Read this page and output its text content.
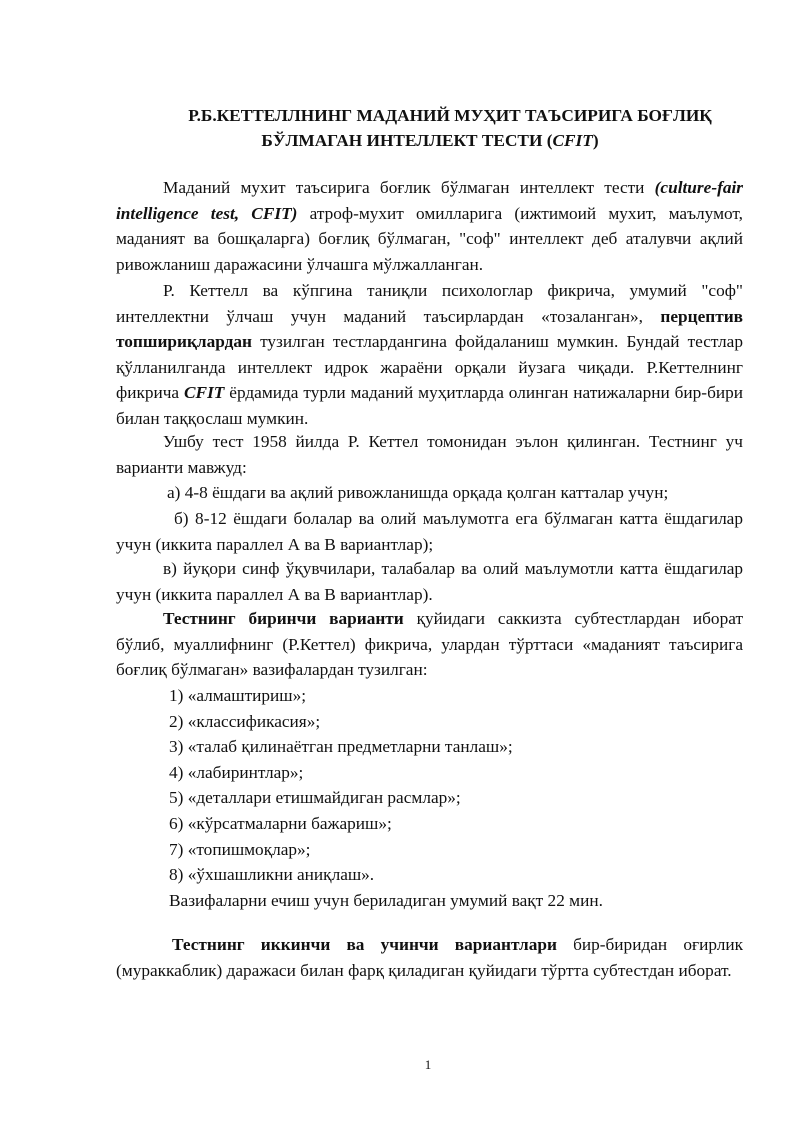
Р.Б.КЕТТЕЛЛНИНГ МАДАНИЙ МУҲИТ ТАЪСИРИГА БОҒЛИҚ
БЎЛМАГАН ИНТЕЛЛЕКТ ТЕСТИ (CFIT)

Маданий мухит таъсирига боғлик бўлмаган интеллект тести (culture-fair intelligence test, CFIT) атроф-мухит омилларига (ижтимоий мухит, маълумот, маданият ва бошқаларга) боғлиқ бўлмаган, "соф" интеллект деб аталувчи ақлий ривожланиш даражасини ўлчашга мўлжалланган.

Р. Кеттелл ва кўпгина таниқли психологлар фикрича, умумий "соф" интеллектни ўлчаш учун маданий таъсирлардан «тозаланган», перцептив топшириқлардан тузилган тестлардангина фойдаланиш мумкин. Бундай тестлар қўлланилганда интеллект идрок жараёни орқали йузага чиқади. Р.Кеттелнинг фикрича CFIT ёрдамида турли маданий муҳитларда олинган натижаларни бир-бири билан таққослаш мумкин.

Ушбу тест 1958 йилда Р. Кеттел томонидан эълон қилинган. Тестнинг уч варианти мавжуд:

а) 4-8 ёшдаги ва ақлий ривожланишда орқада қолган катталар учун;

б) 8-12 ёшдаги болалар ва олий маълумотга ега бўлмаган катта ёшдагилар учун (иккита параллел А ва В вариантлар);

в) йуқори синф ўқувчилари, талабалар ва олий маълумотли катта ёшдагилар учун (иккита параллел А ва В вариантлар).

Тестнинг биринчи варианти қуйидаги саккизта субтестлардан иборат бўлиб, муаллифнинг (Р.Кеттел) фикрича, улардан тўрттаси «маданият таъсирига боғлиқ бўлмаган» вазифалардан тузилган:

1) «алмаштириш»;

2) «классификасия»;

3) «талаб қилинаётган предметларни танлаш»;

4) «лабиринтлар»;

5) «деталлари етишмайдиган расмлар»;

6) «кўрсатмаларни бажариш»;

7) «топишмоқлар»;

8) «ўхшашликни аниқлаш».

Вазифаларни ечиш учун бериладиган умумий вақт 22 мин.

Тестнинг иккинчи ва учинчи вариантлари бир-биридан оғирлик (мураккаблик) даражаси билан фарқ қиладиган қуйидаги тўртта субтестдан иборат.

1
